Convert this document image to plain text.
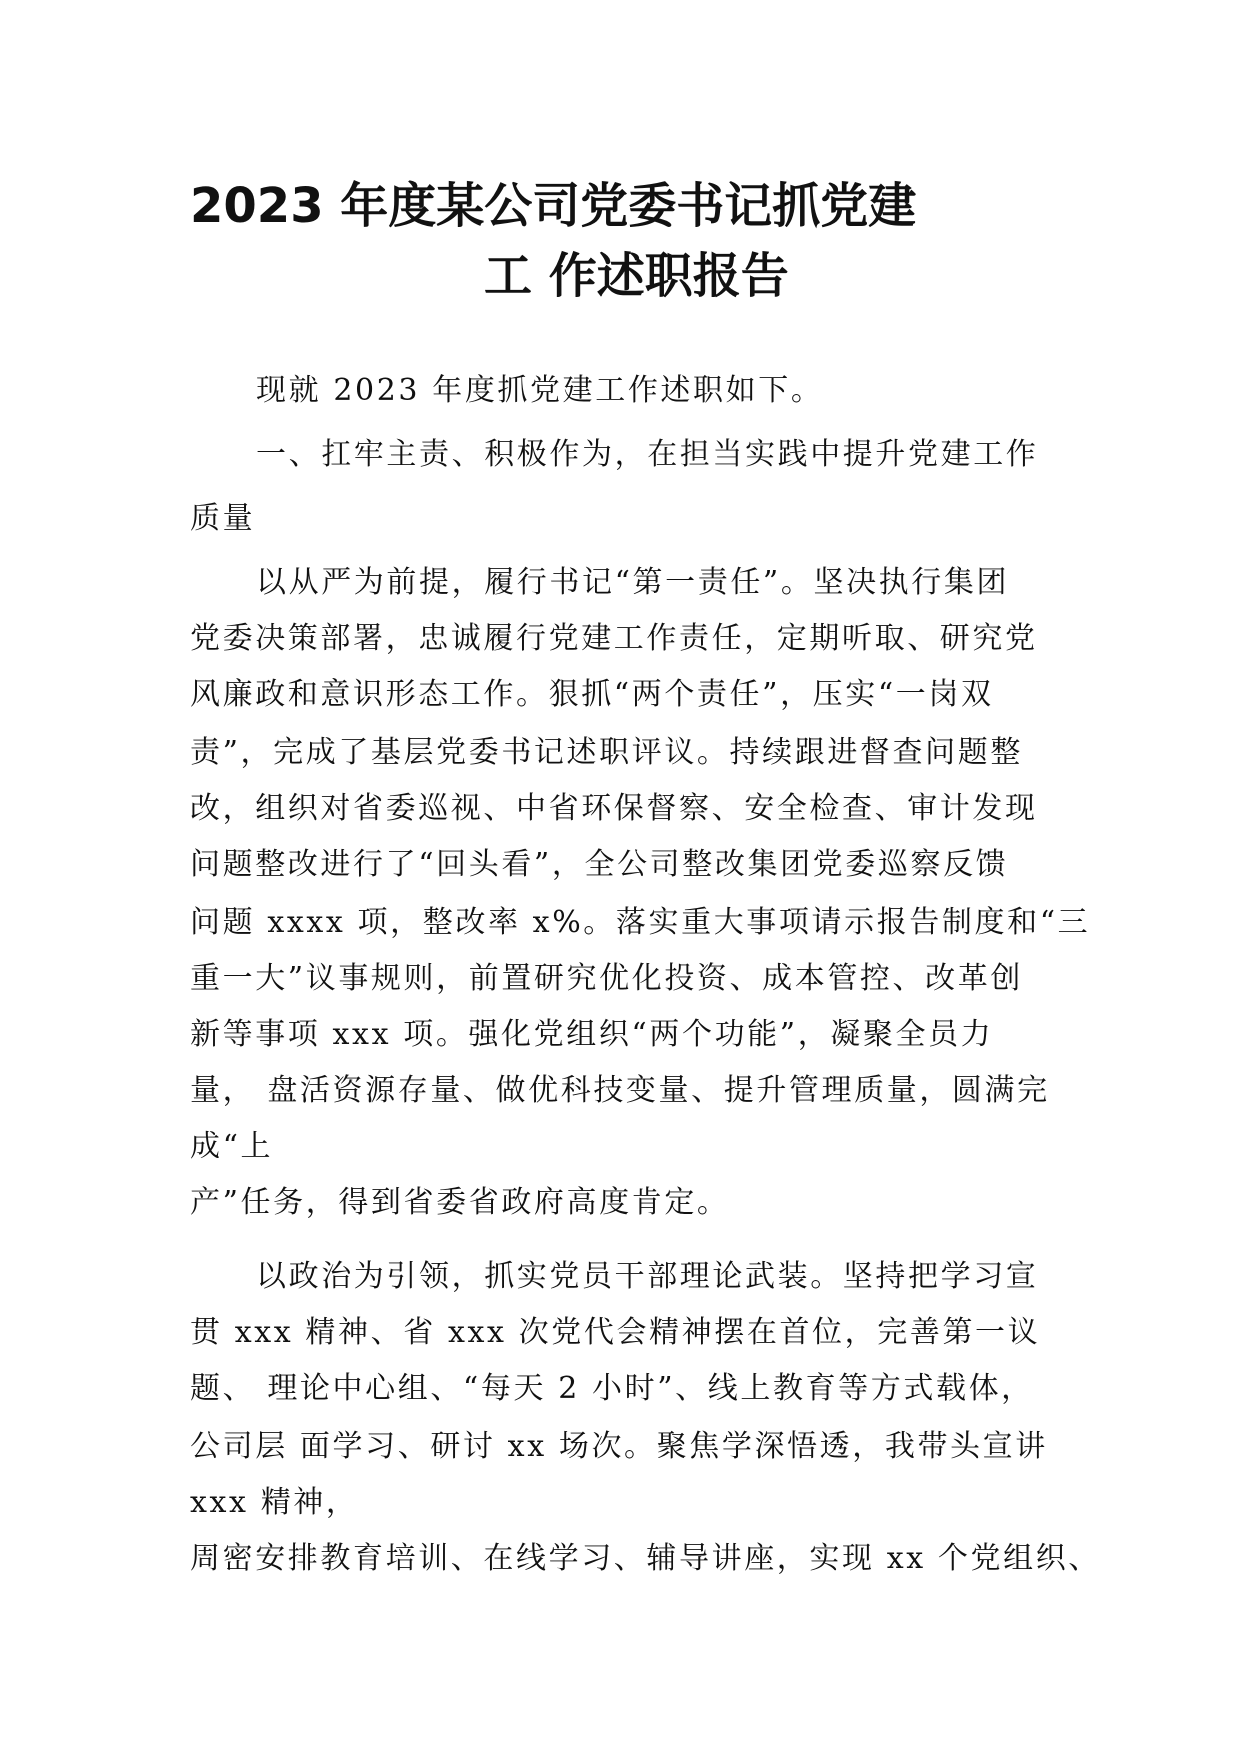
2023 年度某公司党委书记抓党建
工 作述职报告

现就 2023 年度抓党建工作述职如下。

一、扛牢主责、积极作为，在担当实践中提升党建工作

质量

以从严为前提，履行书记“第一责任”。坚决执行集团

党委决策部署，忠诚履行党建工作责任，定期听取、研究党

风廉政和意识形态工作。狠抓“两个责任”，压实“一岗双

责”，完成了基层党委书记述职评议。持续跟进督查问题整

改，组织对省委巡视、中省环保督察、安全检查、审计发现

问题整改进行了“回头看”，全公司整改集团党委巡察反馈

问题 xxxx 项，整改率 x%。落实重大事项请示报告制度和“三

重一大”议事规则，前置研究优化投资、成本管控、改革创

新等事项 xxx 项。强化党组织“两个功能”，凝聚全员力

量， 盘活资源存量、做优科技变量、提升管理质量，圆满完

成“上

产”任务，得到省委省政府高度肯定。

以政治为引领，抓实党员干部理论武装。坚持把学习宣

贯 xxx 精神、省 xxx 次党代会精神摆在首位，完善第一议

题、 理论中心组、“每天 2 小时”、线上教育等方式载体，

公司层 面学习、研讨 xx 场次。聚焦学深悟透，我带头宣讲

xxx 精神，

周密安排教育培训、在线学习、辅导讲座，实现 xx 个党组织、
